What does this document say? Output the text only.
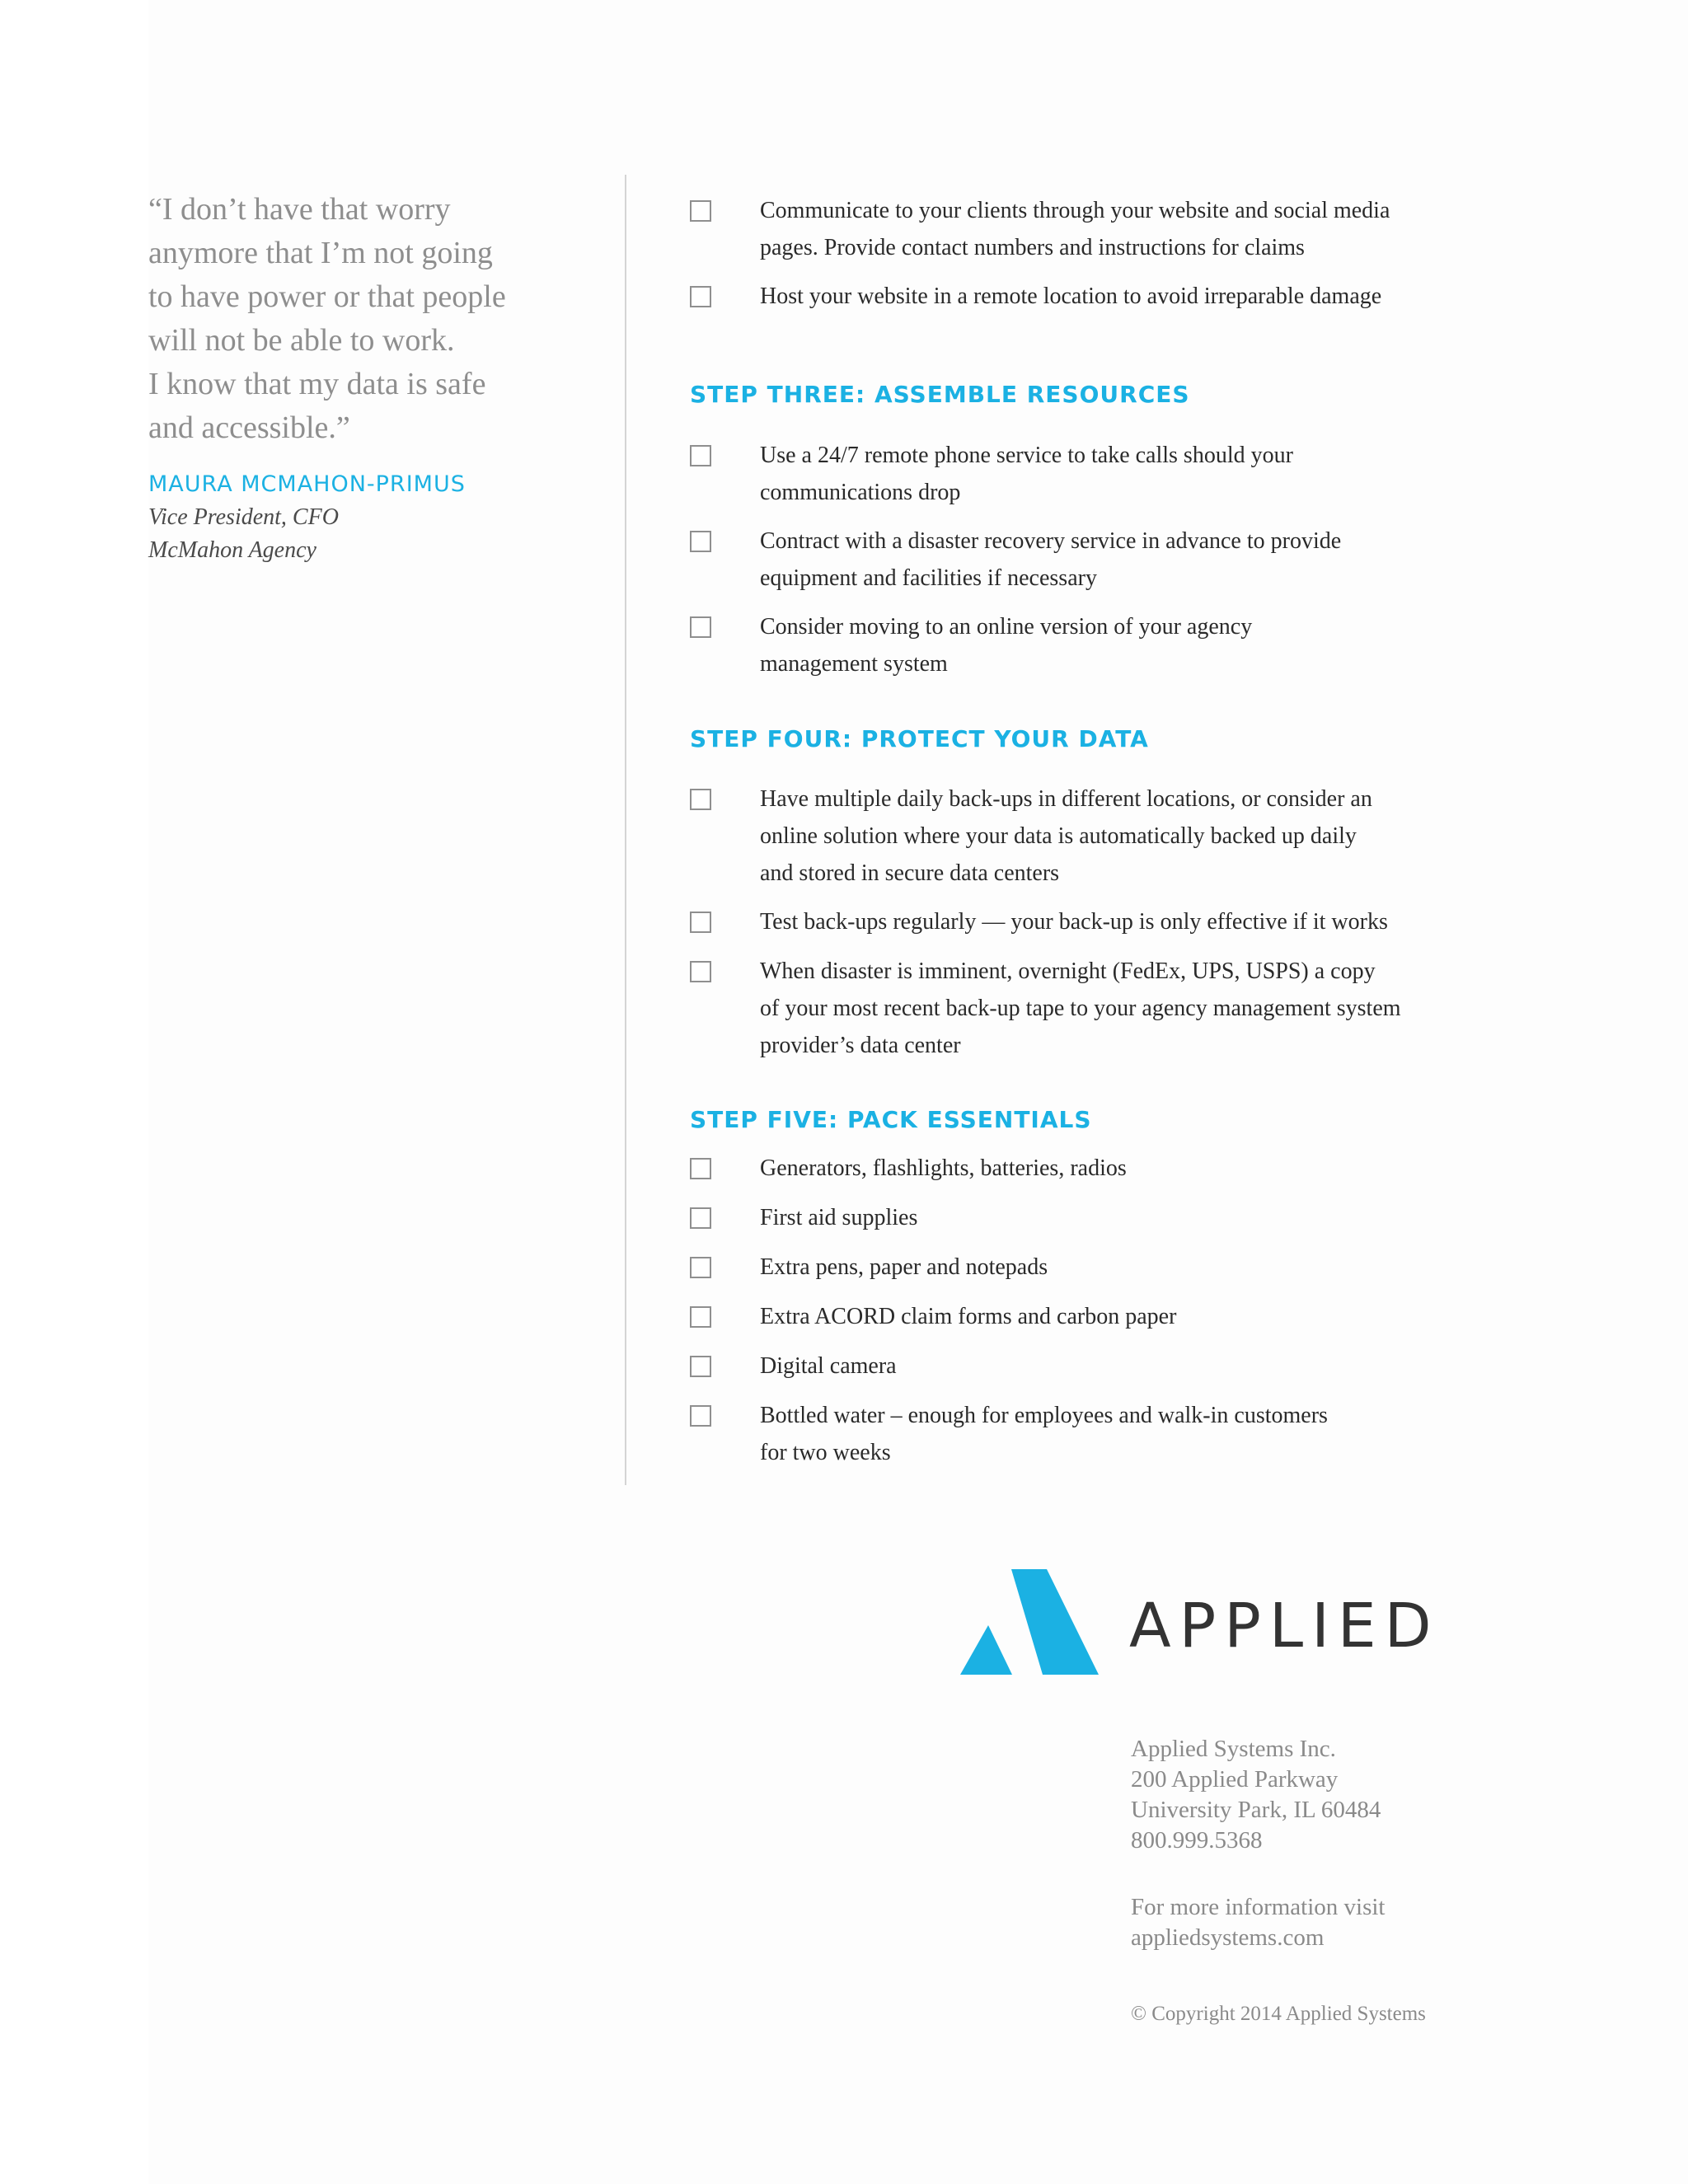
“I don’t have that worry
anymore that I’m not going
to have power or that people
will not be able to work.
I know that my data is safe
and accessible.”

MAURA MCMAHON-PRIMUS
Vice President, CFO
McMahon Agency
Communicate to your clients through your website and social media
pages. Provide contact numbers and instructions for claims
Host your website in a remote location to avoid irreparable damage
STEP THREE: ASSEMBLE RESOURCES
Use a 24/7 remote phone service to take calls should your
communications drop
Contract with a disaster recovery service in advance to provide
equipment and facilities if necessary
Consider moving to an online version of your agency
management system
STEP FOUR: PROTECT YOUR DATA
Have multiple daily back-ups in different locations, or consider an
online solution where your data is automatically backed up daily
and stored in secure data centers
Test back-ups regularly — your back-up is only effective if it works
When disaster is imminent, overnight (FedEx, UPS, USPS) a copy
of your most recent back-up tape to your agency management system
provider’s data center
STEP FIVE: PACK ESSENTIALS
Generators, flashlights, batteries, radios
First aid supplies
Extra pens, paper and notepads
Extra ACORD claim forms and carbon paper
Digital camera
Bottled water – enough for employees and walk-in customers
for two weeks
APPLIED
Applied Systems Inc.
200 Applied Parkway
University Park, IL 60484
800.999.5368
For more information visit
appliedsystems.com
© Copyright 2014 Applied Systems
